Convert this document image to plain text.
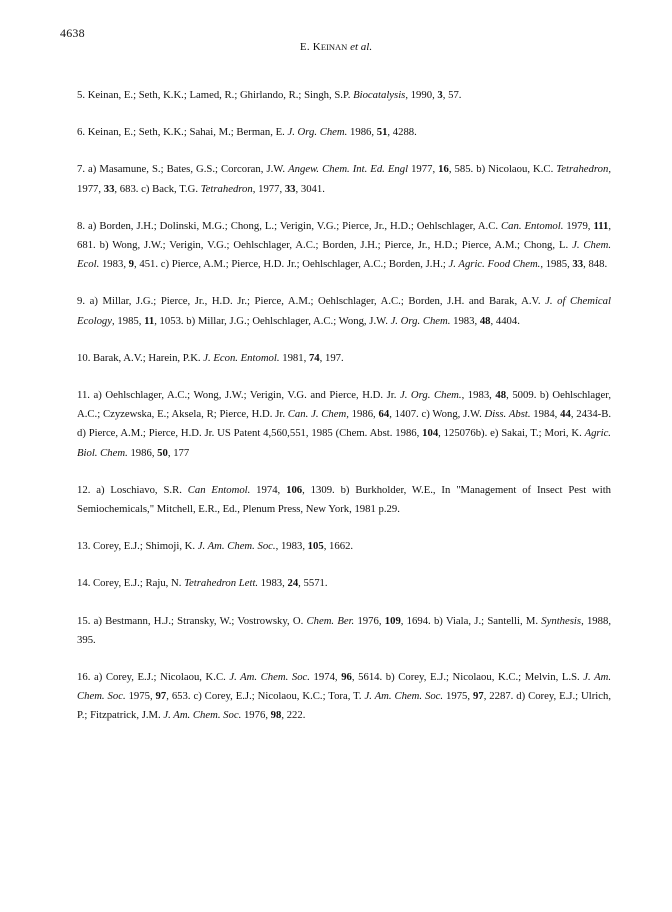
4638
E. KEINAN et al.

5. Keinan, E.; Seth, K.K.; Lamed, R.; Ghirlando, R.; Singh, S.P. Biocatalysis, 1990, 3, 57.

6. Keinan, E.; Seth, K.K.; Sahai, M.; Berman, E. J. Org. Chem. 1986, 51, 4288.

7. a) Masamune, S.; Bates, G.S.; Corcoran, J.W. Angew. Chem. Int. Ed. Engl 1977, 16, 585. b) Nicolaou, K.C. Tetrahedron, 1977, 33, 683. c) Back, T.G. Tetrahedron, 1977, 33, 3041.

8. a) Borden, J.H.; Dolinski, M.G.; Chong, L.; Verigin, V.G.; Pierce, Jr., H.D.; Oehlschlager, A.C. Can. Entomol. 1979, 111, 681. b) Wong, J.W.; Verigin, V.G.; Oehlschlager, A.C.; Borden, J.H.; Pierce, Jr., H.D.; Pierce, A.M.; Chong, L. J. Chem. Ecol. 1983, 9, 451. c) Pierce, A.M.; Pierce, H.D. Jr.; Oehlschlager, A.C.; Borden, J.H.; J. Agric. Food Chem., 1985, 33, 848.

9. a) Millar, J.G.; Pierce, Jr., H.D. Jr.; Pierce, A.M.; Oehlschlager, A.C.; Borden, J.H. and Barak, A.V. J. of Chemical Ecology, 1985, 11, 1053. b) Millar, J.G.; Oehlschlager, A.C.; Wong, J.W. J. Org. Chem. 1983, 48, 4404.

10. Barak, A.V.; Harein, P.K. J. Econ. Entomol. 1981, 74, 197.

11. a) Oehlschlager, A.C.; Wong, J.W.; Verigin, V.G. and Pierce, H.D. Jr. J. Org. Chem., 1983, 48, 5009. b) Oehlschlager, A.C.; Czyzewska, E.; Aksela, R; Pierce, H.D. Jr. Can. J. Chem, 1986, 64, 1407. c) Wong, J.W. Diss. Abst. 1984, 44, 2434-B. d) Pierce, A.M.; Pierce, H.D. Jr. US Patent 4,560,551, 1985 (Chem. Abst. 1986, 104, 125076b). e) Sakai, T.; Mori, K. Agric. Biol. Chem. 1986, 50, 177

12. a) Loschiavo, S.R. Can Entomol. 1974, 106, 1309. b) Burkholder, W.E., In "Management of Insect Pest with Semiochemicals," Mitchell, E.R., Ed., Plenum Press, New York, 1981 p.29.

13. Corey, E.J.; Shimoji, K. J. Am. Chem. Soc., 1983, 105, 1662.

14. Corey, E.J.; Raju, N. Tetrahedron Lett. 1983, 24, 5571.

15. a) Bestmann, H.J.; Stransky, W.; Vostrowsky, O. Chem. Ber. 1976, 109, 1694. b) Viala, J.; Santelli, M. Synthesis, 1988, 395.

16. a) Corey, E.J.; Nicolaou, K.C. J. Am. Chem. Soc. 1974, 96, 5614. b) Corey, E.J.; Nicolaou, K.C.; Melvin, L.S. J. Am. Chem. Soc. 1975, 97, 653. c) Corey, E.J.; Nicolaou, K.C.; Tora, T. J. Am. Chem. Soc. 1975, 97, 2287. d) Corey, E.J.; Ulrich, P.; Fitzpatrick, J.M. J. Am. Chem. Soc. 1976, 98, 222.
